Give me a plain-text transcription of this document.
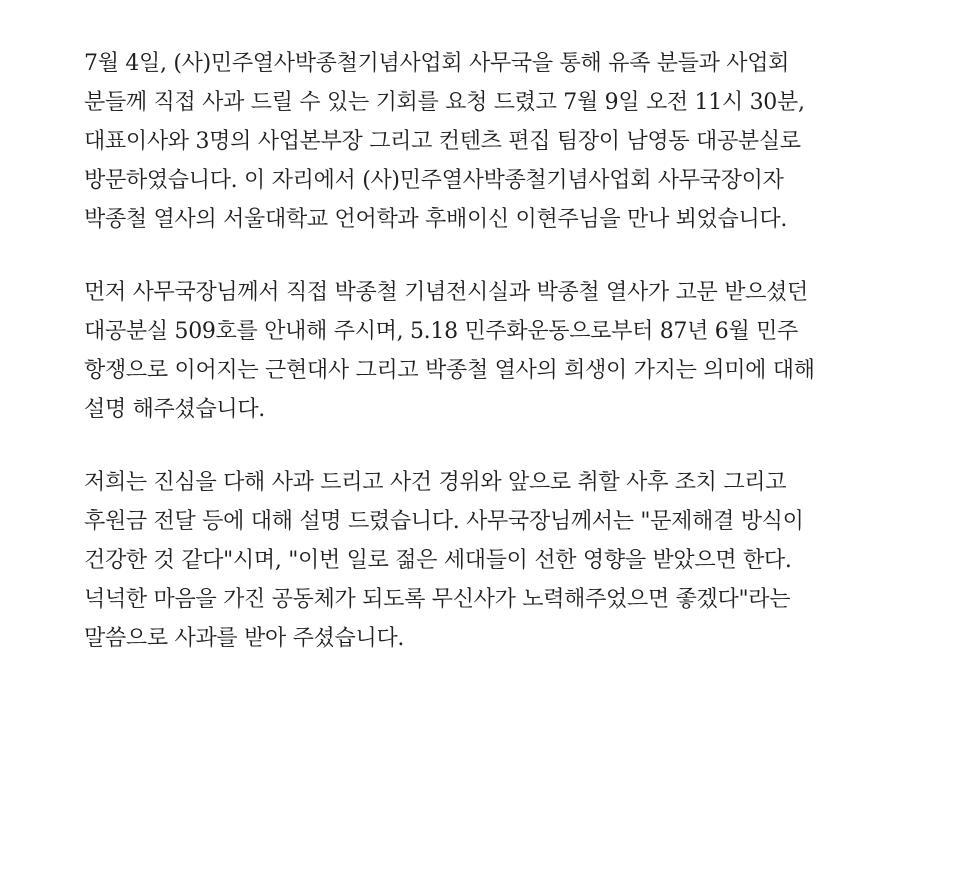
7월 4일, (사)민주열사박종철기념사업회 사무국을 통해 유족 분들과 사업회
분들께 직접 사과 드릴 수 있는 기회를 요청 드렸고 7월 9일 오전 11시 30분,
대표이사와 3명의 사업본부장 그리고 컨텐츠 편집 팀장이 남영동 대공분실로
방문하였습니다. 이 자리에서 (사)민주열사박종철기념사업회 사무국장이자
박종철 열사의 서울대학교 언어학과 후배이신 이현주님을 만나 뵈었습니다.

먼저 사무국장님께서 직접 박종철 기념전시실과 박종철 열사가 고문 받으셨던
대공분실 509호를 안내해 주시며, 5.18 민주화운동으로부터 87년 6월 민주
항쟁으로 이어지는 근현대사 그리고 박종철 열사의 희생이 가지는 의미에 대해
설명 해주셨습니다.

저희는 진심을 다해 사과 드리고 사건 경위와 앞으로 취할 사후 조치 그리고
후원금 전달 등에 대해 설명 드렸습니다. 사무국장님께서는 "문제해결 방식이
건강한 것 같다"시며, "이번 일로 젊은 세대들이 선한 영향을 받았으면 한다.
넉넉한 마음을 가진 공동체가 되도록 무신사가 노력해주었으면 좋겠다"라는
말씀으로 사과를 받아 주셨습니다.
